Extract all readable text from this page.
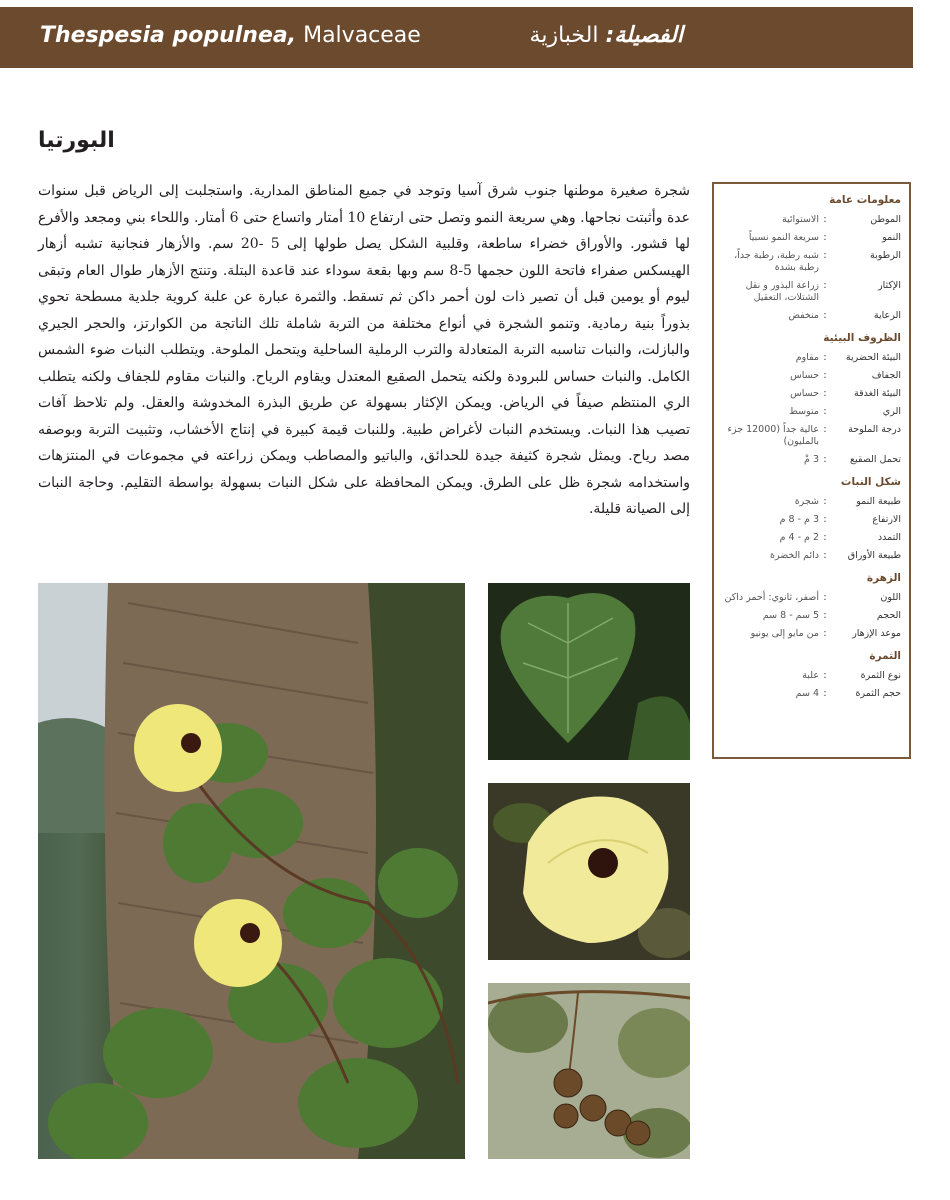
Thespesia populnea, Malvaceae	الفصيلة: الخبازية
البورتيا
شجرة صغيرة موطنها جنوب شرق آسيا وتوجد في جميع المناطق المدارية. واستجلبت إلى الرياض قبل سنوات عدة وأثبتت نجاحها. وهي سريعة النمو وتصل حتى ارتفاع 10 أمتار واتساع حتى 6 أمتار. واللحاء بني ومجعد والأفرع لها قشور. والأوراق خضراء ساطعة، وقلبية الشكل يصل طولها إلى 5 -20 سم. والأزهار فنجانية تشبه أزهار الهيسكس صفراء فاتحة اللون حجمها 5-8 سم وبها بقعة سوداء عند قاعدة البتلة. وتنتج الأزهار طوال العام وتبقى ليوم أو يومين قبل أن تصير ذات لون أحمر داكن ثم تسقط. والثمرة عبارة عن علبة كروية جلدية مسطحة تحوي بذوراً بنية رمادية. وتنمو الشجرة في أنواع مختلفة من التربة شاملة تلك الناتجة من الكوارتز، والحجر الجيري والبازلت، والنبات تناسبه التربة المتعادلة والترب الرملية الساحلية ويتحمل الملوحة. ويتطلب النبات ضوء الشمس الكامل. والنبات حساس للبرودة ولكنه يتحمل الصقيع المعتدل ويقاوم الرياح. والنبات مقاوم للجفاف ولكنه يتطلب الري المنتظم صيفاً في الرياض. ويمكن الإكثار بسهولة عن طريق البذرة المخدوشة والعقل. ولم تلاحظ آفات تصيب هذا النبات. ويستخدم النبات لأغراض طبية. وللنبات قيمة كبيرة في إنتاج الأخشاب، وتثبيت التربة وبوصفه مصد رياح. ويمثل شجرة كثيفة جيدة للحدائق، والباتيو والمصاطب ويمكن زراعته في مجموعات في المنتزهات واستخدامه شجرة ظل على الطرق. ويمكن المحافظة على شكل النبات بسهولة بواسطة التقليم. وحاجة النبات إلى الصيانة قليلة.
معلومات عامة
الموطن
:
الاستوائية
النمو
:
سريعة النمو نسبياً
الرطوبة
:
شبه رطبة، رطبة جداً، رطبة بشدة
الإكثار
:
زراعة البذور و نقل الشتلات، التعقيل
الرعاية
:
منخفض
الظروف البيئية
البيئة الحضرية
:
مقاوم
الجفاف
:
حساس
البيئة الغدقة
:
حساس
الري
:
متوسط
درجة الملوحة
:
عالية جداً (12000 جزء بالمليون)
تحمل الصقيع
:
3 مْ
شكل النبات
طبيعة النمو
:
شجرة
الارتفاع
:
3 م - 8 م
التمدد
:
2 م - 4 م
طبيعة الأوراق
:
دائم الخضرة
الزهرة
اللون
:
أصفر، ثانوي: أحمر داكن
الحجم
:
5 سم - 8 سم
موعد الإزهار
:
من مايو إلى يونيو
الثمرة
نوع الثمرة
:
علبة
حجم الثمرة
:
4 سم
